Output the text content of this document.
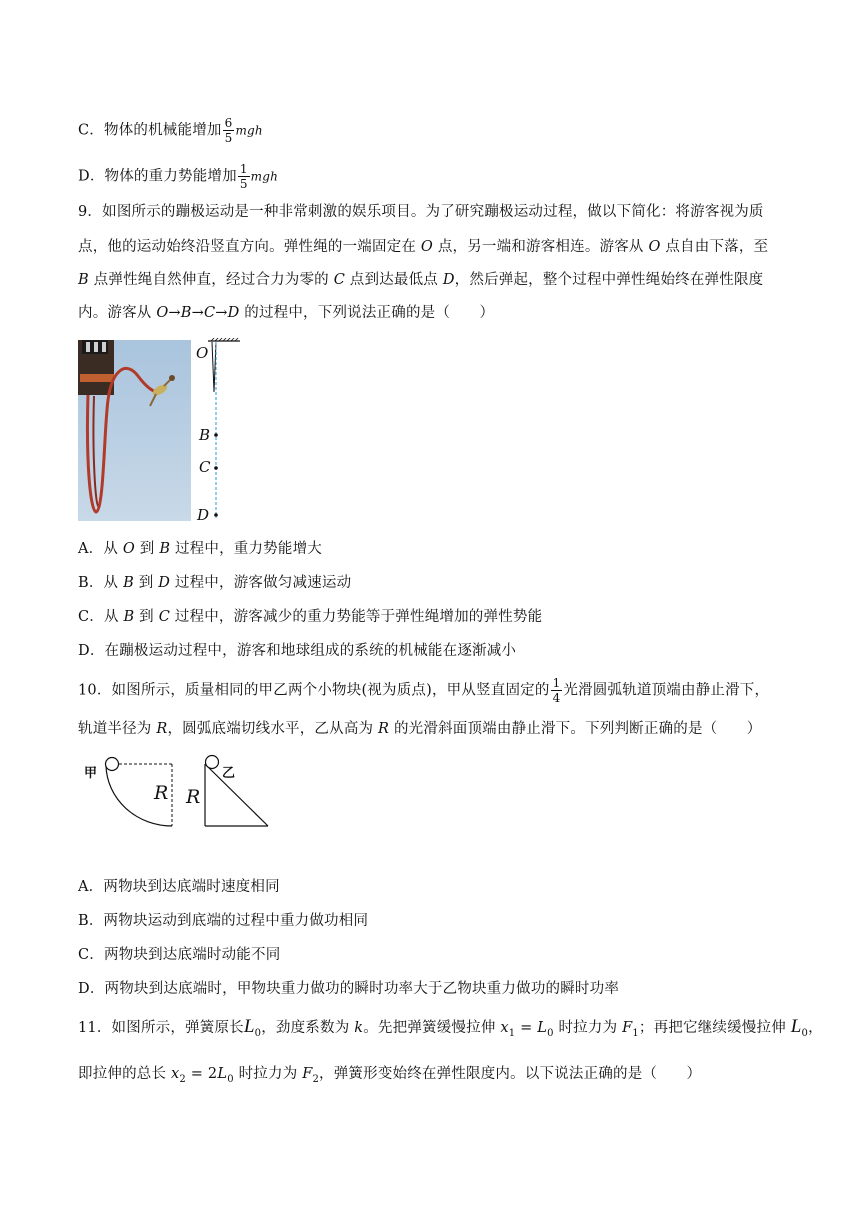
C．物体的机械能增加 $\frac{6}{5}$ mgh
D．物体的重力势能增加 $\frac{1}{5}$ mgh
9．如图所示的蹦极运动是一种非常刺激的娱乐项目。为了研究蹦极运动过程，做以下简化：将游客视为质
点，他的运动始终沿竖直方向。弹性绳的一端固定在 O 点，另一端和游客相连。游客从 O 点自由下落，至
B 点弹性绳自然伸直，经过合力为零的 C 点到达最低点 D，然后弹起，整个过程中弹性绳始终在弹性限度
内。游客从 O→B→C→D 的过程中，下列说法正确的是（　　）
O
B
C
D
A．从 O 到 B 过程中，重力势能增大
B．从 B 到 D 过程中，游客做匀减速运动
C．从 B 到 C 过程中，游客减少的重力势能等于弹性绳增加的弹性势能
D．在蹦极运动过程中，游客和地球组成的系统的机械能在逐渐减小
10．如图所示，质量相同的甲乙两个小物块(视为质点)，甲从竖直固定的 $\frac{1}{4}$ 光滑圆弧轨道顶端由静止滑下，
轨道半径为 R，圆弧底端切线水平，乙从高为 R 的光滑斜面顶端由静止滑下。下列判断正确的是（　　）
甲	乙
R R
A．两物块到达底端时速度相同
B．两物块运动到底端的过程中重力做功相同
C．两物块到达底端时动能不同
D．两物块到达底端时，甲物块重力做功的瞬时功率大于乙物块重力做功的瞬时功率
11．如图所示，弹簧原长$L_0$，劲度系数为 k。先把弹簧缓慢拉伸 $x_1 = L_0$ 时拉力为 $F_1$；再把它继续缓慢拉伸 $L_0$，
即拉伸的总长 $x_2 = 2L_0$ 时拉力为 $F_2$，弹簧形变始终在弹性限度内。以下说法正确的是（　　）
